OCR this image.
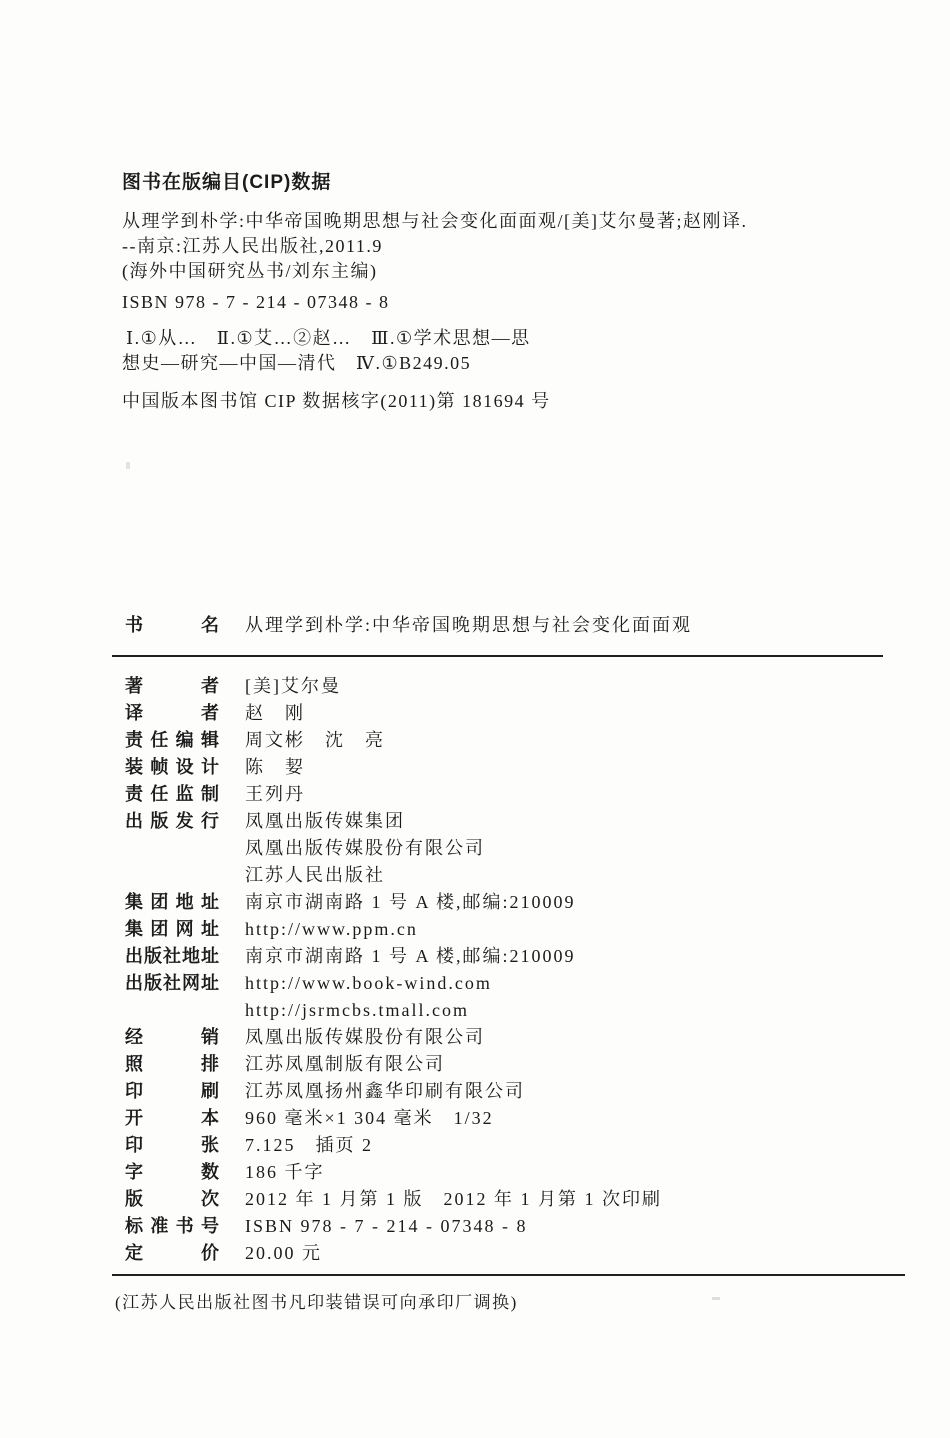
图书在版编目(CIP)数据
从理学到朴学:中华帝国晚期思想与社会变化面面观/[美]艾尔曼著;赵刚译.
--南京:江苏人民出版社,2011.9
(海外中国研究丛书/刘东主编)
ISBN 978 - 7 - 214 - 07348 - 8
Ⅰ.①从…　Ⅱ.①艾…②赵…　Ⅲ.①学术思想—思
想史—研究—中国—清代　Ⅳ.①B249.05
中国版本图书馆 CIP 数据核字(2011)第 181694 号
书名 从理学到朴学:中华帝国晚期思想与社会变化面面观
著者 [美]艾尔曼
译者 赵　刚
责任编辑 周文彬　沈　亮
装帧设计 陈　㛃
责任监制 王列丹
出版发行 凤凰出版传媒集团
凤凰出版传媒股份有限公司
江苏人民出版社
集团地址 南京市湖南路 1 号 A 楼,邮编:210009
集团网址 http://www.ppm.cn
出版社地址 南京市湖南路 1 号 A 楼,邮编:210009
出版社网址 http://www.book-wind.com
http://jsrmcbs.tmall.com
经销 凤凰出版传媒股份有限公司
照排 江苏凤凰制版有限公司
印刷 江苏凤凰扬州鑫华印刷有限公司
开本 960 毫米×1 304 毫米　1/32
印张 7.125　插页 2
字数 186 千字
版次 2012 年 1 月第 1 版　2012 年 1 月第 1 次印刷
标准书号 ISBN 978 - 7 - 214 - 07348 - 8
定价 20.00 元
(江苏人民出版社图书凡印装错误可向承印厂调换)
